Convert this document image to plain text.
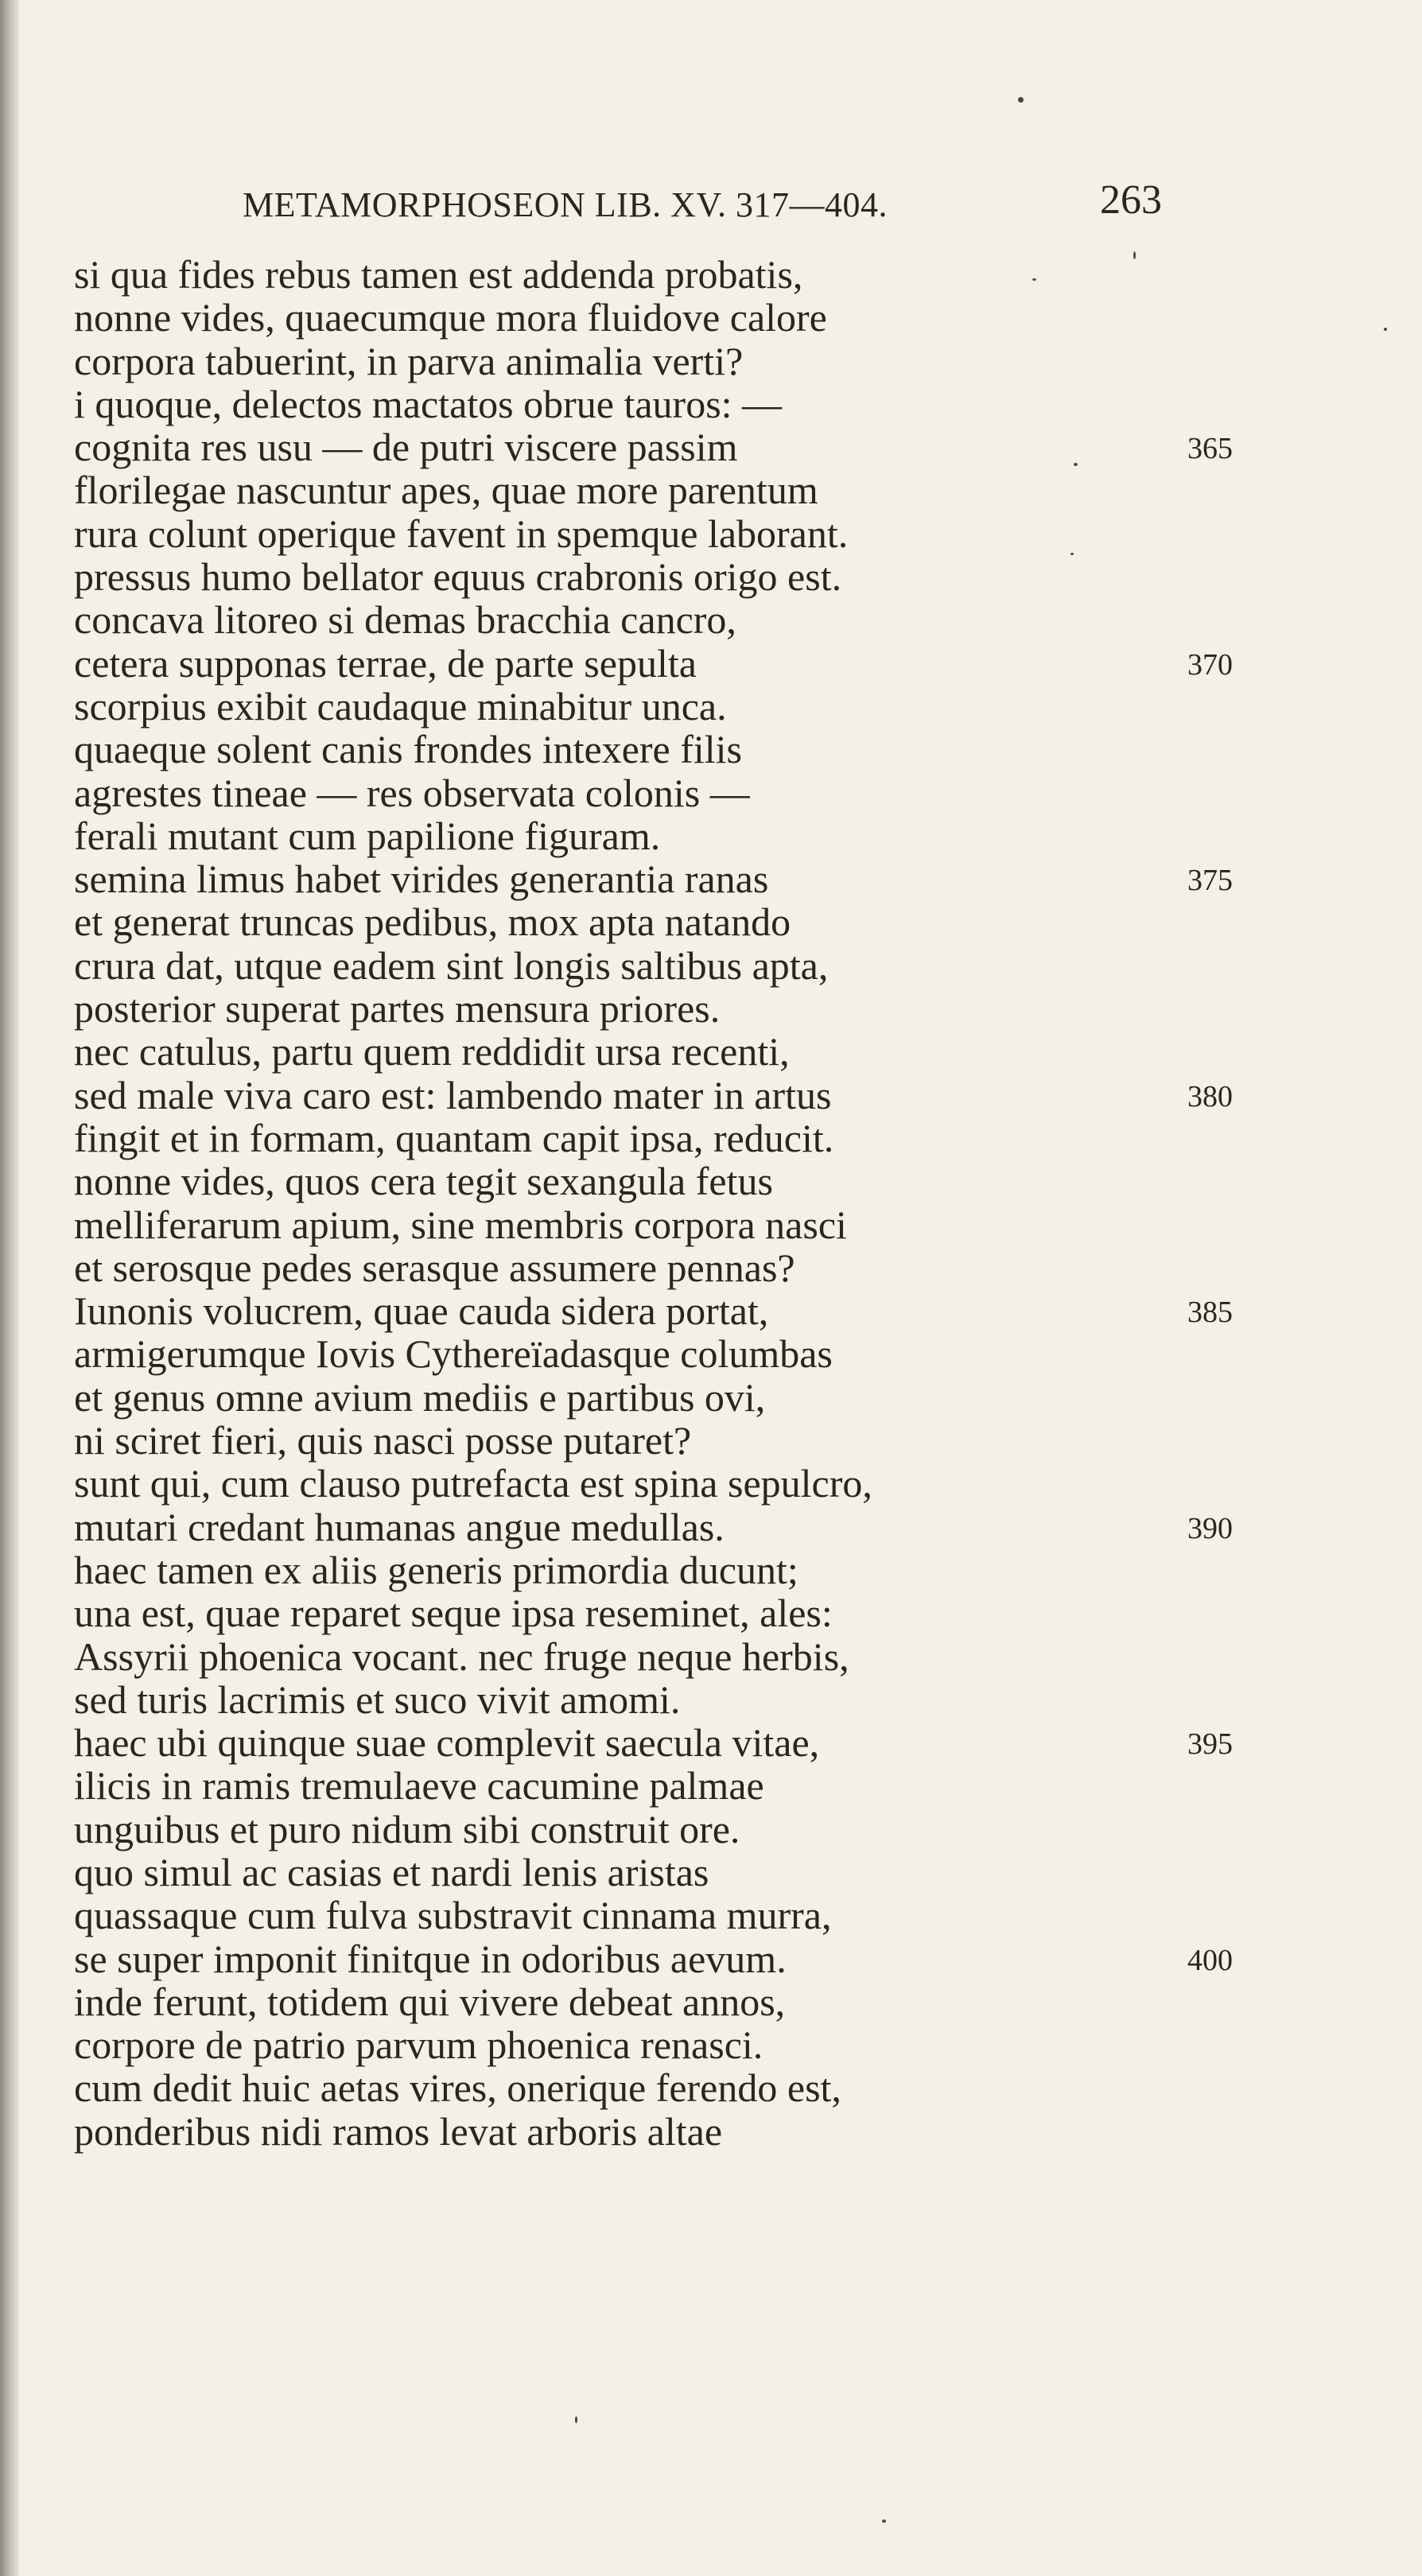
METAMORPHOSEON LIB. XV. 317—404.	263
si qua fides rebus tamen est addenda probatis,
nonne vides, quaecumque mora fluidove calore
corpora tabuerint, in parva animalia verti?
i quoque, delectos mactatos obrue tauros: —
cognita res usu — de putri viscere passim	365
florilegae nascuntur apes, quae more parentum
rura colunt operique favent in spemque laborant.
pressus humo bellator equus crabronis origo est.
concava litoreo si demas bracchia cancro,
cetera supponas terrae, de parte sepulta	370
scorpius exibit caudaque minabitur unca.
quaeque solent canis frondes intexere filis
agrestes tineae — res observata colonis —
ferali mutant cum papilione figuram.
semina limus habet virides generantia ranas	375
et generat truncas pedibus, mox apta natando
crura dat, utque eadem sint longis saltibus apta,
posterior superat partes mensura priores.
nec catulus, partu quem reddidit ursa recenti,
sed male viva caro est: lambendo mater in artus	380
fingit et in formam, quantam capit ipsa, reducit.
nonne vides, quos cera tegit sexangula fetus
melliferarum apium, sine membris corpora nasci
et serosque pedes serasque assumere pennas?
Iunonis volucrem, quae cauda sidera portat,	385
armigerumque Iovis Cythereïadasque columbas
et genus omne avium mediis e partibus ovi,
ni sciret fieri, quis nasci posse putaret?
sunt qui, cum clauso putrefacta est spina sepulcro,
mutari credant humanas angue medullas.	390
haec tamen ex aliis generis primordia ducunt;
una est, quae reparet seque ipsa reseminet, ales:
Assyrii phoenica vocant. nec fruge neque herbis,
sed turis lacrimis et suco vivit amomi.
haec ubi quinque suae complevit saecula vitae,	395
ilicis in ramis tremulaeve cacumine palmae
unguibus et puro nidum sibi construit ore.
quo simul ac casias et nardi lenis aristas
quassaque cum fulva substravit cinnama murra,
se super imponit finitque in odoribus aevum.	400
inde ferunt, totidem qui vivere debeat annos,
corpore de patrio parvum phoenica renasci.
cum dedit huic aetas vires, onerique ferendo est,
ponderibus nidi ramos levat arboris altae
